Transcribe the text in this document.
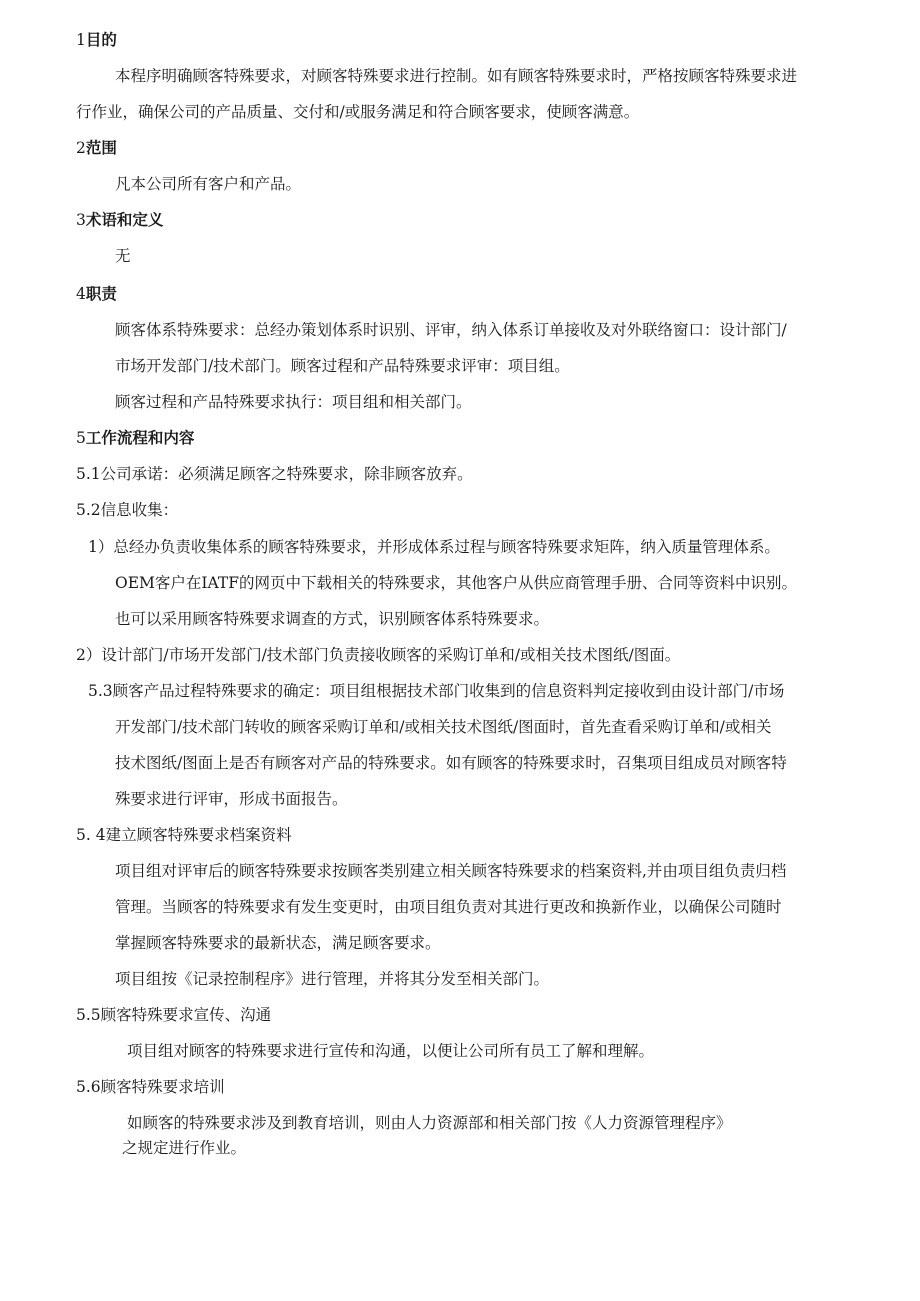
1目的
本程序明确顾客特殊要求，对顾客特殊要求进行控制。如有顾客特殊要求时，严格按顾客特殊要求进
行作业，确保公司的产品质量、交付和/或服务满足和符合顾客要求，使顾客满意。
2范围
凡本公司所有客户和产品。
3术语和定义
无
4职责
顾客体系特殊要求：总经办策划体系时识别、评审，纳入体系订单接收及对外联络窗口：设计部门/
市场开发部门/技术部门。顾客过程和产品特殊要求评审：项目组。
顾客过程和产品特殊要求执行：项目组和相关部门。
5工作流程和内容
5.1公司承诺：必须满足顾客之特殊要求，除非顾客放弃。
5.2信息收集：
1）总经办负责收集体系的顾客特殊要求，并形成体系过程与顾客特殊要求矩阵，纳入质量管理体系。
OEM客户在IATF的网页中下载相关的特殊要求，其他客户从供应商管理手册、合同等资料中识别。
也可以采用顾客特殊要求调查的方式，识别顾客体系特殊要求。
2）设计部门/市场开发部门/技术部门负责接收顾客的采购订单和/或相关技术图纸/图面。
5.3顾客产品过程特殊要求的确定：项目组根据技术部门收集到的信息资料判定接收到由设计部门/市场
开发部门/技术部门转收的顾客采购订单和/或相关技术图纸/图面时，首先查看采购订单和/或相关
技术图纸/图面上是否有顾客对产品的特殊要求。如有顾客的特殊要求时，召集项目组成员对顾客特
殊要求进行评审，形成书面报告。
5. 4建立顾客特殊要求档案资料
项目组对评审后的顾客特殊要求按顾客类别建立相关顾客特殊要求的档案资料,并由项目组负责归档
管理。当顾客的特殊要求有发生变更时，由项目组负责对其进行更改和换新作业，以确保公司随时
掌握顾客特殊要求的最新状态，满足顾客要求。
项目组按《记录控制程序》进行管理，并将其分发至相关部门。
5.5顾客特殊要求宣传、沟通
项目组对顾客的特殊要求进行宣传和沟通，以便让公司所有员工了解和理解。
5.6顾客特殊要求培训
如顾客的特殊要求涉及到教育培训，则由人力资源部和相关部门按《人力资源管理程序》
之规定进行作业。
